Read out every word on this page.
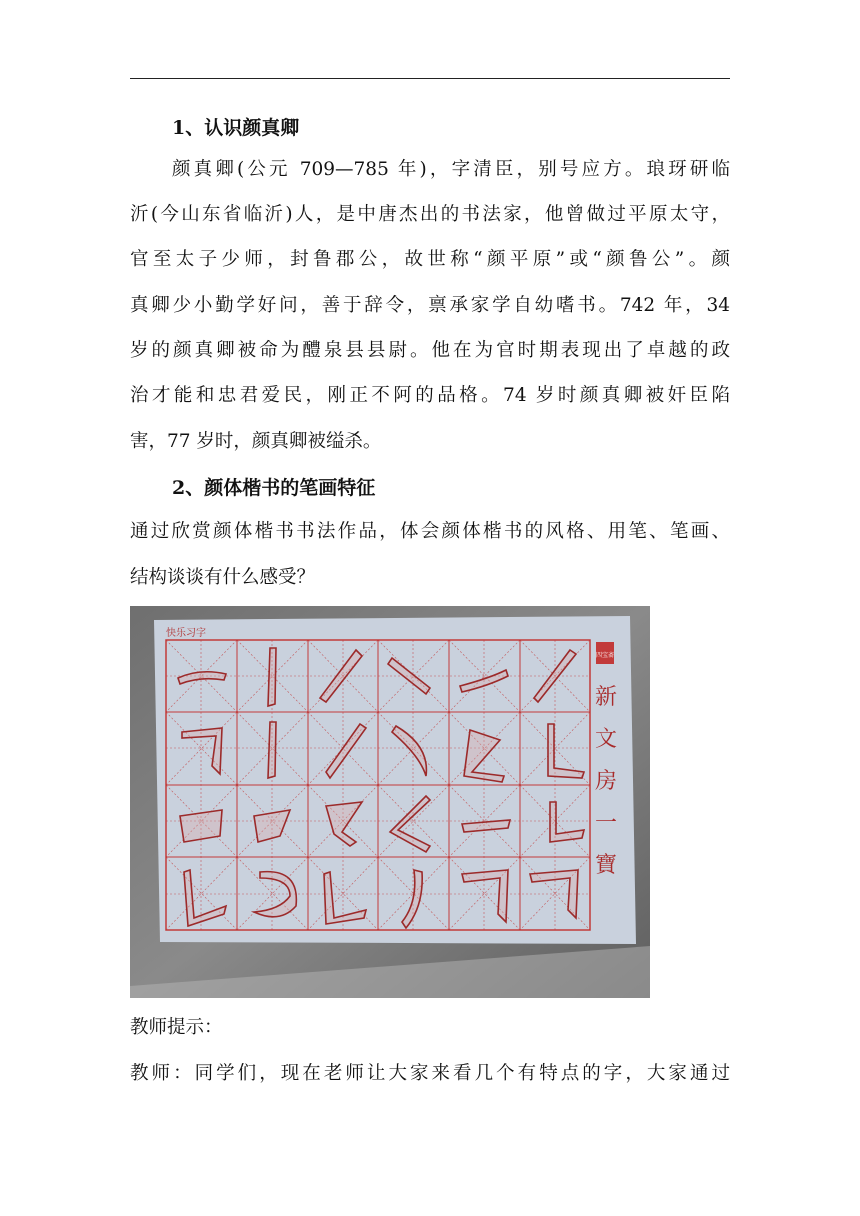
1、认识颜真卿
颜真卿(公元 709—785 年)，字清臣，别号应方。琅玡研临
沂(今山东省临沂)人，是中唐杰出的书法家，他曾做过平原太守，
官至太子少师，封鲁郡公，故世称“颜平原”或“颜鲁公”。颜
真卿少小勤学好问，善于辞令，禀承家学自幼嗜书。742 年，34
岁的颜真卿被命为醴泉县县尉。他在为官时期表现出了卓越的政
治才能和忠君爱民，刚正不阿的品格。74 岁时颜真卿被奸臣陷
害，77 岁时，颜真卿被缢杀。
2、颜体楷书的笔画特征
通过欣赏颜体楷书书法作品，体会颜体楷书的风格、用笔、笔画、
结构谈谈有什么感受？
快乐习字
四宝斋
新
文
房
一
寶
教师提示：
教师：同学们，现在老师让大家来看几个有特点的字，大家通过
